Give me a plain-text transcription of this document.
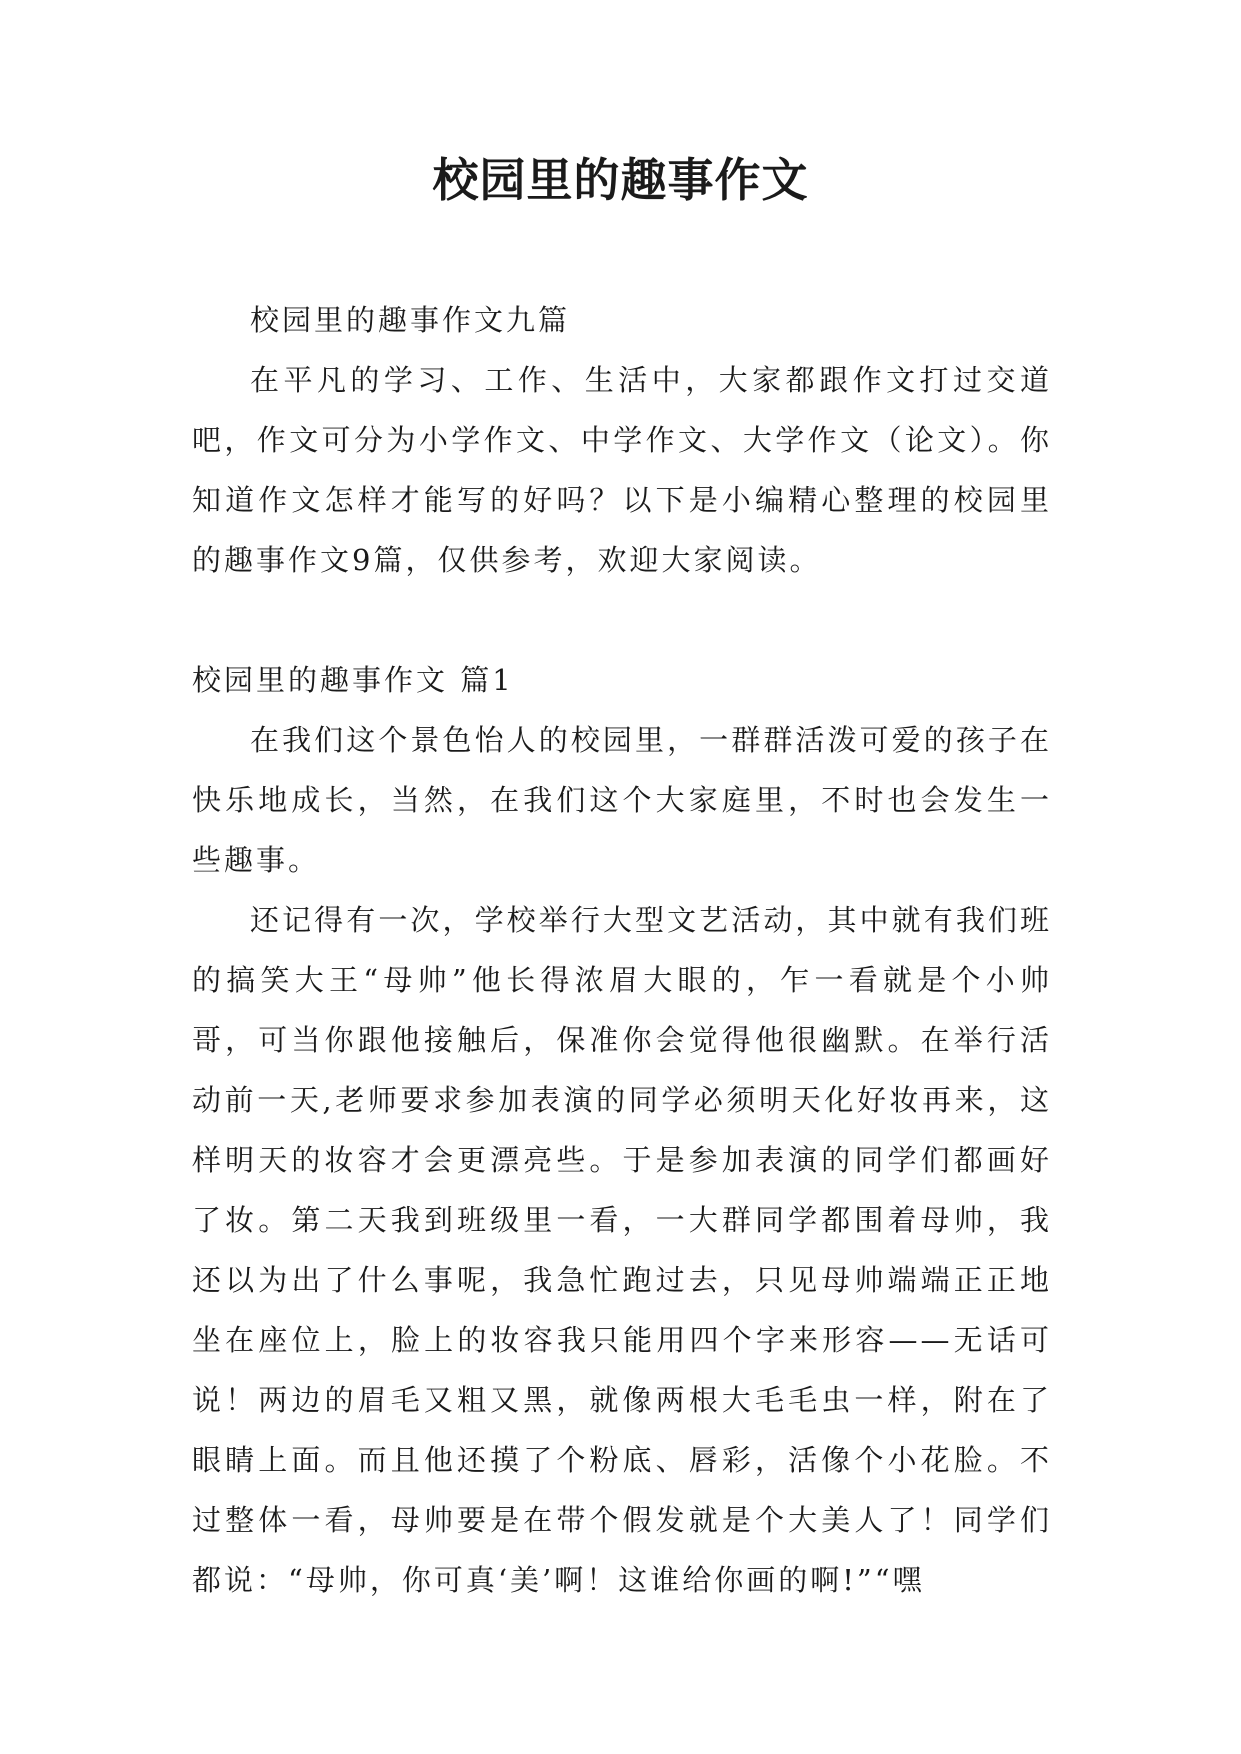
校园里的趣事作文

校园里的趣事作文九篇

在平凡的学习、工作、生活中，大家都跟作文打过交道吧，作文可分为小学作文、中学作文、大学作文（论文）。你知道作文怎样才能写的好吗？以下是小编精心整理的校园里的趣事作文9篇，仅供参考，欢迎大家阅读。

校园里的趣事作文 篇1

在我们这个景色怡人的校园里，一群群活泼可爱的孩子在快乐地成长，当然，在我们这个大家庭里，不时也会发生一些趣事。

还记得有一次，学校举行大型文艺活动，其中就有我们班的搞笑大王“母帅”他长得浓眉大眼的，乍一看就是个小帅哥，可当你跟他接触后，保准你会觉得他很幽默。在举行活动前一天,老师要求参加表演的同学必须明天化好妆再来，这样明天的妆容才会更漂亮些。于是参加表演的同学们都画好了妆。第二天我到班级里一看，一大群同学都围着母帅，我还以为出了什么事呢，我急忙跑过去，只见母帅端端正正地坐在座位上，脸上的妆容我只能用四个字来形容——无话可说！两边的眉毛又粗又黑，就像两根大毛毛虫一样，附在了眼睛上面。而且他还摸了个粉底、唇彩，活像个小花脸。不过整体一看，母帅要是在带个假发就是个大美人了！同学们都说：“母帅，你可真‘美’啊！这谁给你画的啊!”“嘿
